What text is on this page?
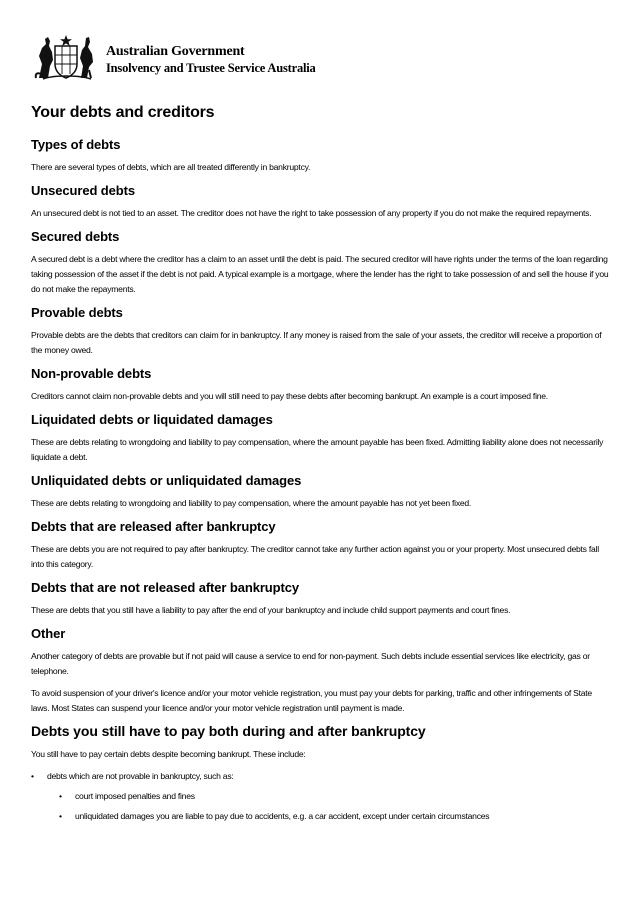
Australian Government
Insolvency and Trustee Service Australia
Your debts and creditors
Types of debts

There are several types of debts, which are all treated differently in bankruptcy.

Unsecured debts

An unsecured debt is not tied to an asset. The creditor does not have the right to take possession of any property if you do not make the required repayments.

Secured debts

A secured debt is a debt where the creditor has a claim to an asset until the debt is paid. The secured creditor will have rights under the terms of the loan regarding taking possession of the asset if the debt is not paid. A typical example is a mortgage, where the lender has the right to take possession of and sell the house if you do not make the repayments.

Provable debts

Provable debts are the debts that creditors can claim for in bankruptcy. If any money is raised from the sale of your assets, the creditor will receive a proportion of the money owed.

Non-provable debts

Creditors cannot claim non-provable debts and you will still need to pay these debts after becoming bankrupt. An example is a court imposed fine.

Liquidated debts or liquidated damages

These are debts relating to wrongdoing and liability to pay compensation, where the amount payable has been fixed. Admitting liability alone does not necessarily liquidate a debt.

Unliquidated debts or unliquidated damages

These are debts relating to wrongdoing and liability to pay compensation, where the amount payable has not yet been fixed.

Debts that are released after bankruptcy

These are debts you are not required to pay after bankruptcy. The creditor cannot take any further action against you or your property. Most unsecured debts fall into this category.

Debts that are not released after bankruptcy

These are debts that you still have a liability to pay after the end of your bankruptcy and include child support payments and court fines.

Other

Another category of debts are provable but if not paid will cause a service to end for non-payment. Such debts include essential services like electricity, gas or telephone.

To avoid suspension of your driver's licence and/or your motor vehicle registration, you must pay your debts for parking, traffic and other infringements of State laws. Most States can suspend your licence and/or your motor vehicle registration until payment is made.

Debts you still have to pay both during and after bankruptcy

You still have to pay certain debts despite becoming bankrupt. These include:

• debts which are not provable in bankruptcy, such as:
• court imposed penalties and fines
• unliquidated damages you are liable to pay due to accidents, e.g. a car accident, except under certain circumstances
